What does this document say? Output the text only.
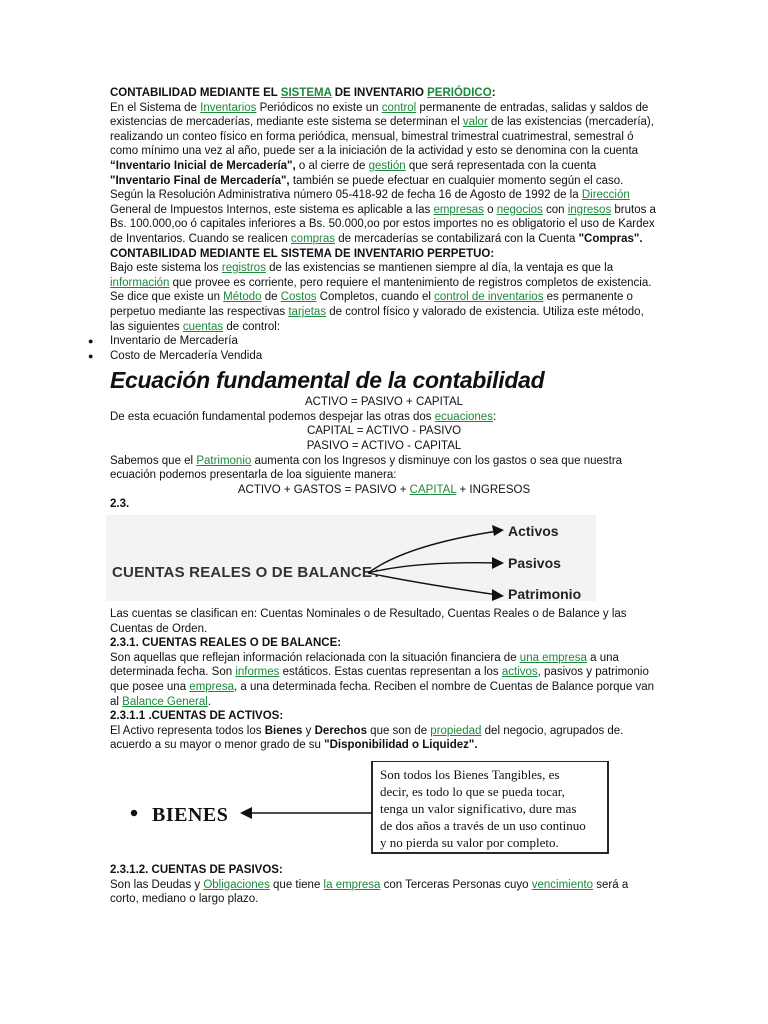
CONTABILIDAD MEDIANTE EL SISTEMA DE INVENTARIO PERIÓDICO:

En el Sistema de Inventarios Periódicos no existe un control permanente de entradas, salidas y saldos de existencias de mercaderías, mediante este sistema se determinan el valor de las existencias (mercadería), realizando un conteo físico en forma periódica, mensual, bimestral trimestral cuatrimestral, semestral ó como mínimo una vez al año, puede ser a la iniciación de la actividad y esto se denomina con la cuenta “Inventario Inicial de Mercadería", o al cierre de gestión que será representada con la cuenta "Inventario Final de Mercadería", también se puede efectuar en cualquier momento según el caso. Según la Resolución Administrativa número 05-418-92 de fecha 16 de Agosto de 1992 de la Dirección General de Impuestos Internos, este sistema es aplicable a las empresas o negocios con ingresos brutos a Bs. 100.000,oo ó capitales inferiores a Bs. 50.000,oo por estos importes no es obligatorio el uso de Kardex de Inventarios. Cuando se realicen compras de mercaderías se contabilizará con la Cuenta "Compras".

CONTABILIDAD MEDIANTE EL SISTEMA DE INVENTARIO PERPETUO:

Bajo este sistema los registros de las existencias se mantienen siempre al día, la ventaja es que la información que provee es corriente, pero requiere el mantenimiento de registros completos de existencia.

Se dice que existe un Método de Costos Completos, cuando el control de inventarios es permanente o perpetuo mediante las respectivas tarjetas de control físico y valorado de existencia. Utiliza este método, las siguientes cuentas de control:

● Inventario de Mercadería
● Costo de Mercadería Vendida
Ecuación fundamental de la contabilidad

ACTIVO = PASIVO + CAPITAL

De esta ecuación fundamental podemos despejar las otras dos ecuaciones:

CAPITAL = ACTIVO - PASIVO

PASIVO = ACTIVO - CAPITAL

Sabemos que el Patrimonio aumenta con los Ingresos y disminuye con los gastos o sea que nuestra ecuación podemos presentarla de loa siguiente manera:

ACTIVO + GASTOS = PASIVO + CAPITAL + INGRESOS

2.3.

CUENTAS REALES O DE BALANCE :
Activos
Pasivos
Patrimonio

Las cuentas se clasifican en: Cuentas Nominales o de Resultado, Cuentas Reales o de Balance y las Cuentas de Orden.

2.3.1. CUENTAS REALES O DE BALANCE:

Son aquellas que reflejan información relacionada con la situación financiera de una empresa a una determinada fecha. Son informes estáticos. Estas cuentas representan a los activos, pasivos y patrimonio que posee una empresa, a una determinada fecha. Reciben el nombre de Cuentas de Balance porque van al Balance General.

2.3.1.1 .CUENTAS DE ACTIVOS:

El Activo representa todos los Bienes y Derechos que son de propiedad del negocio, agrupados de. acuerdo a su mayor o menor grado de su "Disponibilidad o Liquidez".

BIENES
Son todos los Bienes Tangibles, es
decir, es todo lo que se pueda tocar,
tenga un valor significativo, dure mas
de dos años a través de un uso continuo
y no pierda su valor por completo.

2.3.1.2. CUENTAS DE PASIVOS:

Son las Deudas y Obligaciones que tiene la empresa con Terceras Personas cuyo vencimiento será a corto, mediano o largo plazo.
